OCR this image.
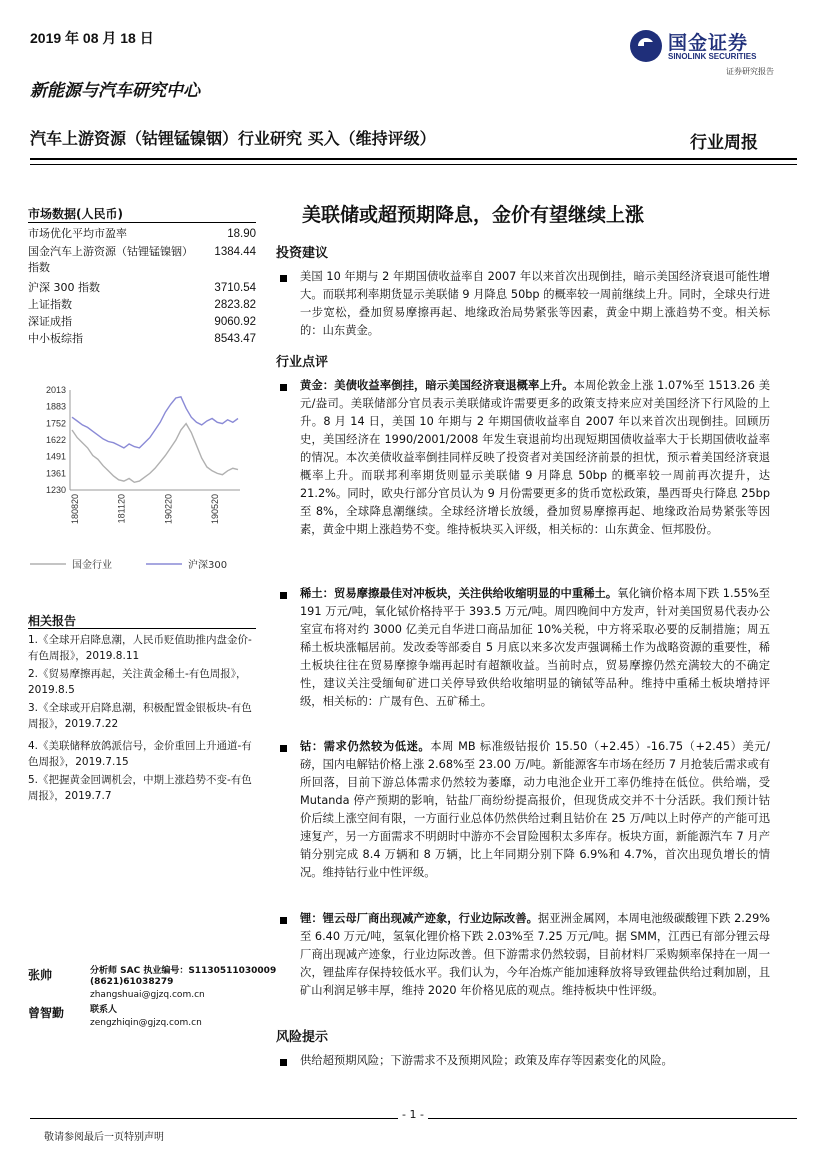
2019 年 08 月 18 日
新能源与汽车研究中心
国金证券
SINOLINK SECURITIES
证券研究报告
汽车上游资源（钴锂锰镍铟）行业研究 买入（维持评级）	行业周报
市场数据(人民币)
市场优化平均市盈率	18.90
国金汽车上游资源（钴锂锰镍铟）指数
1384.44
沪深 300 指数	3710.54
上证指数	2823.82
深证成指	9060.92
中小板综指	8543.47
2013
1883
1752
1622
1491
1361
1230
180820	181120	190220	190520
国金行业	沪深300
相关报告
1.《全球开启降息潮，人民币贬值助推内盘金价-有色周报》，2019.8.11
2.《贸易摩擦再起，关注黄金稀土-有色周报》，2019.8.5
3.《全球或开启降息潮，积极配置金银板块-有色周报》，2019.7.22
4.《美联储释放鸽派信号，金价重回上升通道-有色周报》，2019.7.15
5.《把握黄金回调机会，中期上涨趋势不变-有色周报》，2019.7.7
张帅	分析师 SAC 执业编号：S1130511030009
(8621)61038279
zhangshuai@gjzq.com.cn
曾智勤	联系人
zengzhiqin@gjzq.com.cn
美联储或超预期降息，金价有望继续上涨
投资建议
美国 10 年期与 2 年期国债收益率自 2007 年以来首次出现倒挂，暗示美国经济衰退可能性增大。而联邦利率期货显示美联储 9 月降息 50bp 的概率较一周前继续上升。同时，全球央行进一步宽松，叠加贸易摩擦再起、地缘政治局势紧张等因素，黄金中期上涨趋势不变。相关标的：山东黄金。
行业点评
黄金：美债收益率倒挂，暗示美国经济衰退概率上升。本周伦敦金上涨 1.07%至 1513.26 美元/盎司。美联储部分官员表示美联储或许需要更多的政策支持来应对美国经济下行风险的上升。8 月 14 日，美国 10 年期与 2 年期国债收益率自 2007 年以来首次出现倒挂。回顾历史，美国经济在 1990/2001/2008 年发生衰退前均出现短期国债收益率大于长期国债收益率的情况。本次美债收益率倒挂同样反映了投资者对美国经济前景的担忧，预示着美国经济衰退概率上升。而联邦利率期货则显示美联储 9 月降息 50bp 的概率较一周前再次提升，达 21.2%。同时，欧央行部分官员认为 9 月份需要更多的货币宽松政策，墨西哥央行降息 25bp 至 8%，全球降息潮继续。全球经济增长放缓，叠加贸易摩擦再起、地缘政治局势紧张等因素，黄金中期上涨趋势不变。维持板块买入评级，相关标的：山东黄金、恒邦股份。
稀土：贸易摩擦最佳对冲板块，关注供给收缩明显的中重稀土。氧化镝价格本周下跌 1.55%至 191 万元/吨，氧化铽价格持平于 393.5 万元/吨。周四晚间中方发声，针对美国贸易代表办公室宣布将对约 3000 亿美元自华进口商品加征 10%关税，中方将采取必要的反制措施；周五稀土板块涨幅居前。发改委等部委自 5 月底以来多次发声强调稀土作为战略资源的重要性，稀土板块往往在贸易摩擦争端再起时有超额收益。当前时点，贸易摩擦仍然充满较大的不确定性，建议关注受缅甸矿进口关停导致供给收缩明显的镝铽等品种。维持中重稀土板块增持评级，相关标的：广晟有色、五矿稀土。
钴：需求仍然较为低迷。本周 MB 标准级钴报价 15.50（+2.45）-16.75（+2.45）美元/磅，国内电解钴价格上涨 2.68%至 23.00 万/吨。新能源客车市场在经历 7 月抢装后需求或有所回落，目前下游总体需求仍然较为萎靡，动力电池企业开工率仍维持在低位。供给端，受 Mutanda 停产预期的影响，钴盐厂商纷纷提高报价，但现货成交并不十分活跃。我们预计钴价后续上涨空间有限，一方面行业总体仍然供给过剩且钴价在 25 万/吨以上时停产的产能可迅速复产，另一方面需求不明朗时中游亦不会冒险囤积太多库存。板块方面，新能源汽车 7 月产销分别完成 8.4 万辆和 8 万辆，比上年同期分别下降 6.9%和 4.7%，首次出现负增长的情况。维持钴行业中性评级。
锂：锂云母厂商出现减产迹象，行业边际改善。据亚洲金属网，本周电池级碳酸锂下跌 2.29%至 6.40 万元/吨，氢氧化锂价格下跌 2.03%至 7.25 万元/吨。据 SMM，江西已有部分锂云母厂商出现减产迹象，行业边际改善。但下游需求仍然较弱，目前材料厂采购频率保持在一周一次，锂盐库存保持较低水平。我们认为，今年冶炼产能加速释放将导致锂盐供给过剩加剧，且矿山利润足够丰厚，维持 2020 年价格见底的观点。维持板块中性评级。
风险提示
供给超预期风险；下游需求不及预期风险；政策及库存等因素变化的风险。
- 1 -
敬请参阅最后一页特别声明
